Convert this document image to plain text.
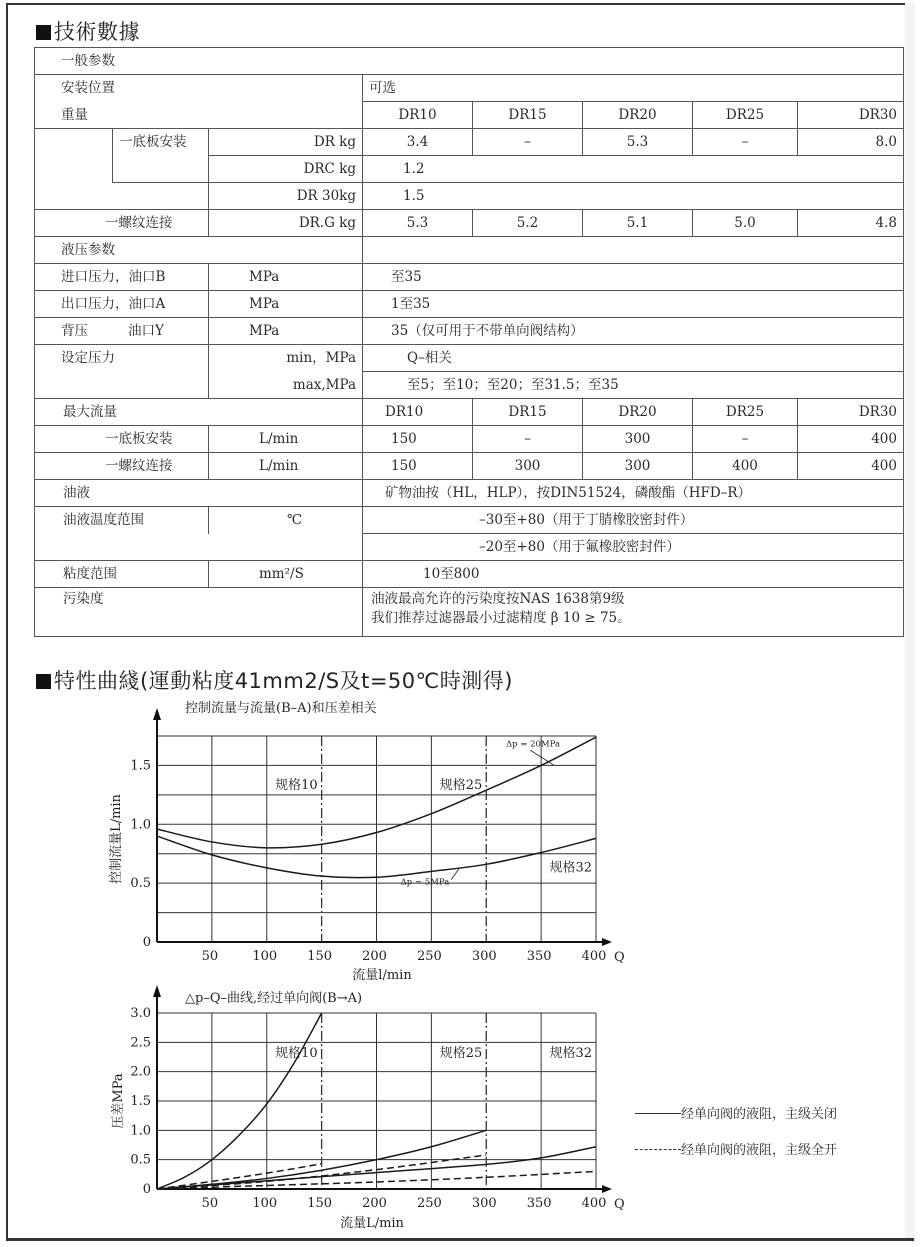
技術數據
一般参数							
安装位置			可选				
重量			DR10	DR15	DR20	DR25	DR30
	一底板安装	DR kg	3.4	–	5.3	–	8.0
		DRC kg	1.2				
		DR 30kg	1.5				
一螺纹连接		DR.G kg	5.3	5.2	5.1	5.0	4.8
液压参数							
进口压力，油口B		MPa	至35				
出口压力，油口A		MPa	1至35				
背压 油口Y		MPa	35（仅可用于不带单向阀结构）				
设定压力		min，MPa	Q–相关				
		max,MPa	至5；至10；至20；至31.5；至35				
最大流量			DR10	DR15	DR20	DR25	DR30
一底板安装		L/min	150	–	300	–	400
一螺纹连接		L/min	150	300	300	400	400
油液			矿物油按（HL，HLP），按DIN51524，磷酸酯（HFD–R）				
油液温度范围		℃	–30至+80（用于丁腈橡胶密封件）				
			–20至+80（用于氟橡胶密封件）				
粘度范围		mm²/S	10至800				
污染度			油液最高允许的污染度按NAS 1638第9级
我们推荐过滤器最小过滤精度 β 10 ≥ 75。				
特性曲綫(運動粘度41mm2/S及t=50℃時測得)
控制流量与流量(B–A)和压差相关
50	100 150 200 250 300 350 400 Q
0
0.5
1.0
1.5
流量l/min
控制流量L/min
规格10	规格25
规格32
Δp = 20MPa
Δp = 5MPa
△p–Q–曲线,经过单向阀(B→A)
50	100 150 200 250 300 350 400 Q
0
0.5
1.0
1.5
2.0
2.5
3.0
流量L/min
压差MPa
规格10	规格25	规格32
经单向阀的液阻，主级关闭
经单向阀的液阻，主级全开
